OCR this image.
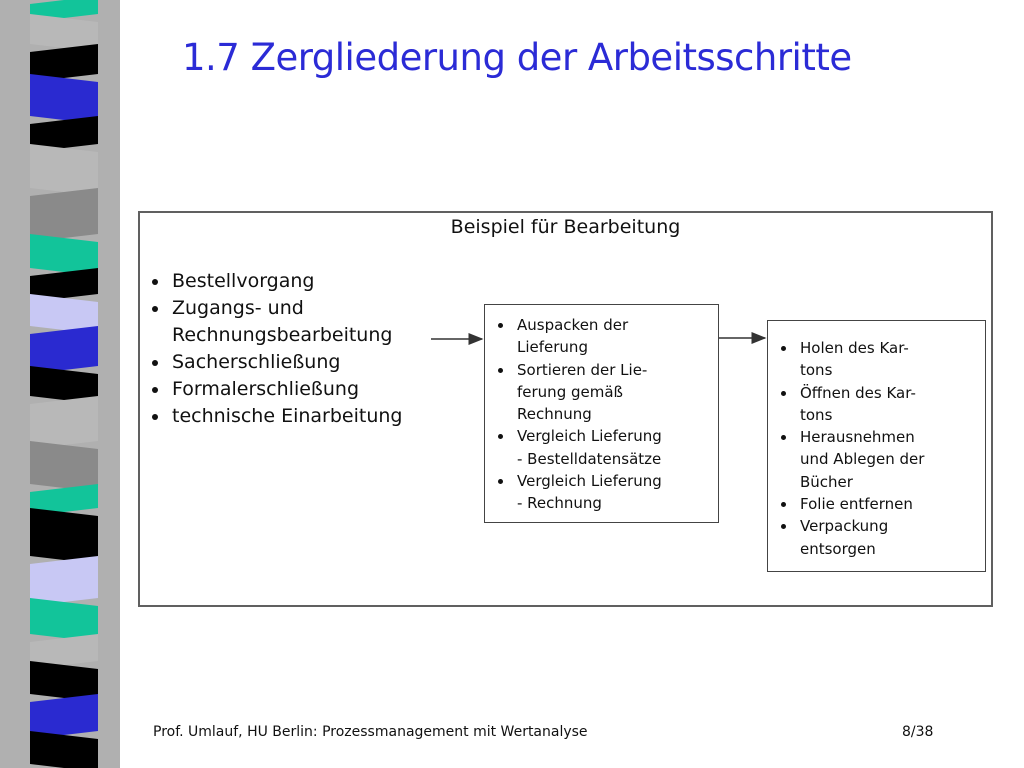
1.7 Zergliederung der Arbeitsschritte
Beispiel für Bearbeitung
Bestellvorgang
Zugangs- und
Rechnungsbearbeitung
Sacherschließung
Formalerschließung
technische Einarbeitung
Auspacken der
Lieferung
Sortieren der Lie-
ferung gemäß
Rechnung
Vergleich Lieferung
- Bestelldatensätze
Vergleich Lieferung
- Rechnung
Holen des Kar-
tons
Öffnen des Kar-
tons
Herausnehmen
und Ablegen der
Bücher
Folie entfernen
Verpackung
entsorgen
Prof. Umlauf, HU Berlin: Prozessmanagement mit Wertanalyse	8/38
